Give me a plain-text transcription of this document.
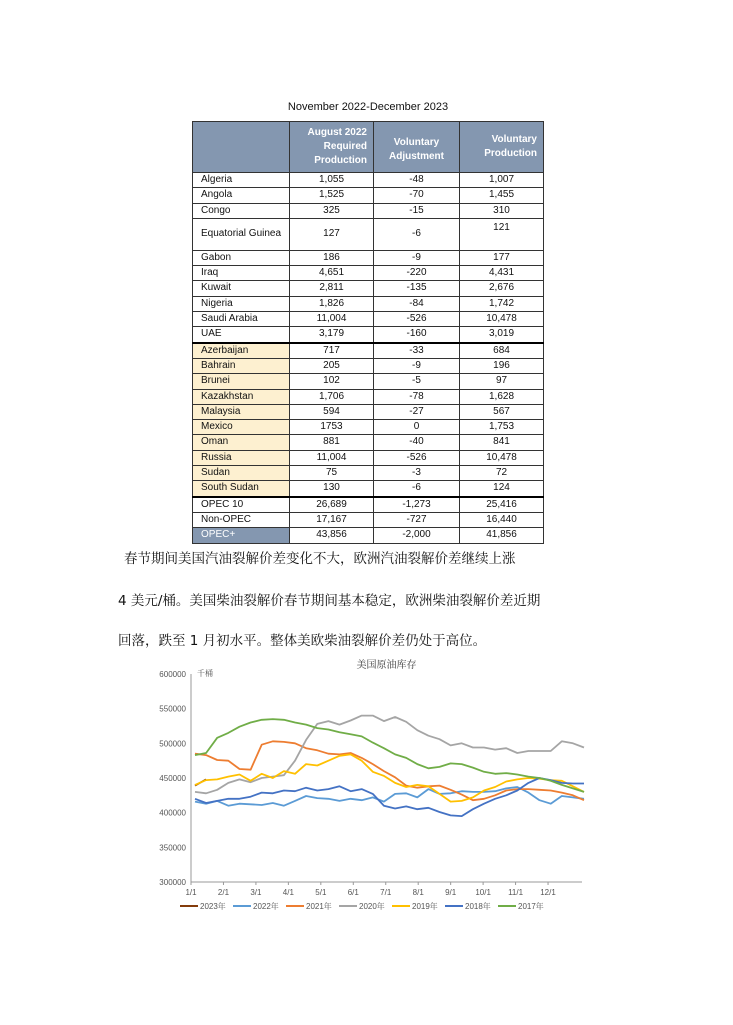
November 2022-December 2023
	August 2022 Required Production	Voluntary Adjustment	Voluntary Production
Algeria	1,055	-48	1,007
Angola	1,525	-70	1,455
Congo	325	-15	310
Equatorial Guinea	127	-6	121
Gabon	186	-9	177
Iraq	4,651	-220	4,431
Kuwait	2,811	-135	2,676
Nigeria	1,826	-84	1,742
Saudi Arabia	11,004	-526	10,478
UAE	3,179	-160	3,019
Azerbaijan	717	-33	684
Bahrain	205	-9	196
Brunei	102	-5	97
Kazakhstan	1,706	-78	1,628
Malaysia	594	-27	567
Mexico	1753	0	1,753
Oman	881	-40	841
Russia	11,004	-526	10,478
Sudan	75	-3	72
South Sudan	130	-6	124
OPEC 10	26,689	-1,273	25,416
Non-OPEC	17,167	-727	16,440
OPEC+	43,856	-2,000	41,856
春节期间美国汽油裂解价差变化不大，欧洲汽油裂解价差继续上涨
4 美元/桶。美国柴油裂解价春节期间基本稳定，欧洲柴油裂解价差近期
回落，跌至 1 月初水平。整体美欧柴油裂解价差仍处于高位。
美国原油库存
千桶
300000
350000
400000
450000
500000
550000
600000
1/1	2/1	3/1	4/1	5/1	6/1	7/1	8/1	9/1 10/1 11/1 12/1
2023年	2022年	2021年	2020年	2019年	2018年	2017年
